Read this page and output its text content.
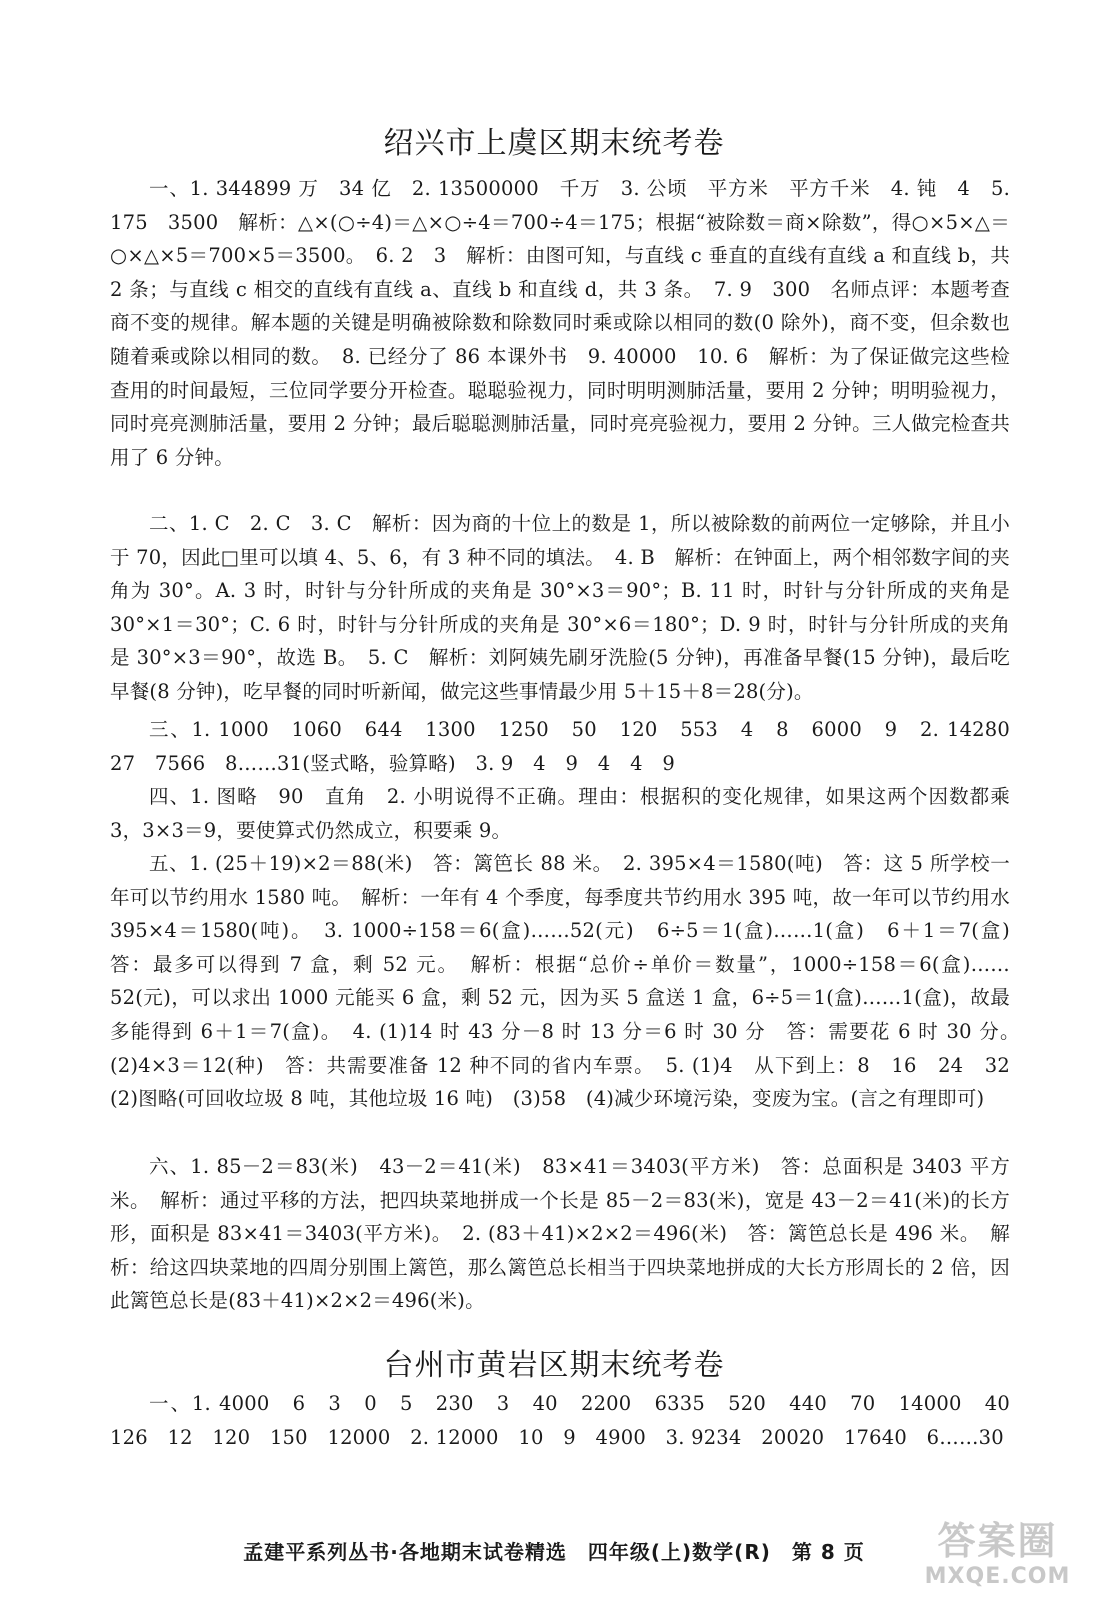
绍兴市上虞区期末统考卷
一、1. 344899 万　34 亿　2. 13500000　千万　3. 公顷　平方米　平方千米　4. 钝　4　5. 175　3500　解析：△×(○÷4)＝△×○÷4＝700÷4＝175；根据“被除数＝商×除数”，得○×5×△＝○×△×5＝700×5＝3500。　6. 2　3　解析：由图可知，与直线 c 垂直的直线有直线 a 和直线 b，共 2 条；与直线 c 相交的直线有直线 a、直线 b 和直线 d，共 3 条。　7. 9　300　名师点评：本题考查商不变的规律。解本题的关键是明确被除数和除数同时乘或除以相同的数(0 除外)，商不变，但余数也随着乘或除以相同的数。　8. 已经分了 86 本课外书　9. 40000　10. 6　解析：为了保证做完这些检查用的时间最短，三位同学要分开检查。聪聪验视力，同时明明测肺活量，要用 2 分钟；明明验视力，同时亮亮测肺活量，要用 2 分钟；最后聪聪测肺活量，同时亮亮验视力，要用 2 分钟。三人做完检查共用了 6 分钟。
二、1. C　2. C　3. C　解析：因为商的十位上的数是 1，所以被除数的前两位一定够除，并且小于 70，因此□里可以填 4、5、6，有 3 种不同的填法。　4. B　解析：在钟面上，两个相邻数字间的夹角为 30°。A. 3 时，时针与分针所成的夹角是 30°×3＝90°；B. 11 时，时针与分针所成的夹角是 30°×1＝30°；C. 6 时，时针与分针所成的夹角是 30°×6＝180°；D. 9 时，时针与分针所成的夹角是 30°×3＝90°，故选 B。　5. C　解析：刘阿姨先刷牙洗脸(5 分钟)，再准备早餐(15 分钟)，最后吃早餐(8 分钟)，吃早餐的同时听新闻，做完这些事情最少用 5＋15＋8＝28(分)。
三、1. 1000　1060　644　1300　1250　50　120　553　4　8　6000　9　2. 14280　27　7566　8……31(竖式略，验算略)　3. 9　4　9　4　4　9
四、1. 图略　90　直角　2. 小明说得不正确。理由：根据积的变化规律，如果这两个因数都乘 3，3×3＝9，要使算式仍然成立，积要乘 9。
五、1. (25＋19)×2＝88(米)　答：篱笆长 88 米。　2. 395×4＝1580(吨)　答：这 5 所学校一年可以节约用水 1580 吨。　解析：一年有 4 个季度，每季度共节约用水 395 吨，故一年可以节约用水 395×4＝1580(吨)。　3. 1000÷158＝6(盒)……52(元)　6÷5＝1(盒)……1(盒)　6＋1＝7(盒)　答：最多可以得到 7 盒，剩 52 元。　解析：根据“总价÷单价＝数量”，1000÷158＝6(盒)……52(元)，可以求出 1000 元能买 6 盒，剩 52 元，因为买 5 盒送 1 盒，6÷5＝1(盒)……1(盒)，故最多能得到 6＋1＝7(盒)。　4. (1)14 时 43 分－8 时 13 分＝6 时 30 分　答：需要花 6 时 30 分。　(2)4×3＝12(种)　答：共需要准备 12 种不同的省内车票。　5. (1)4　从下到上：8　16　24　32　(2)图略(可回收垃圾 8 吨，其他垃圾 16 吨)　(3)58　(4)减少环境污染，变废为宝。(言之有理即可)
六、1. 85－2＝83(米)　43－2＝41(米)　83×41＝3403(平方米)　答：总面积是 3403 平方米。　解析：通过平移的方法，把四块菜地拼成一个长是 85－2＝83(米)，宽是 43－2＝41(米)的长方形，面积是 83×41＝3403(平方米)。　2. (83＋41)×2×2＝496(米)　答：篱笆总长是 496 米。　解析：给这四块菜地的四周分别围上篱笆，那么篱笆总长相当于四块菜地拼成的大长方形周长的 2 倍，因此篱笆总长是(83＋41)×2×2＝496(米)。
台州市黄岩区期末统考卷
一、1. 4000　6　3　0　5　230　3　40　2200　6335　520　440　70　14000　40　126　12　120　150　12000　2. 12000　10　9　4900　3. 9234　20020　17640　6……30
孟建平系列丛书·各地期末试卷精选　四年级(上)数学(R)　第 8 页	答案圈
MXQE.COM
